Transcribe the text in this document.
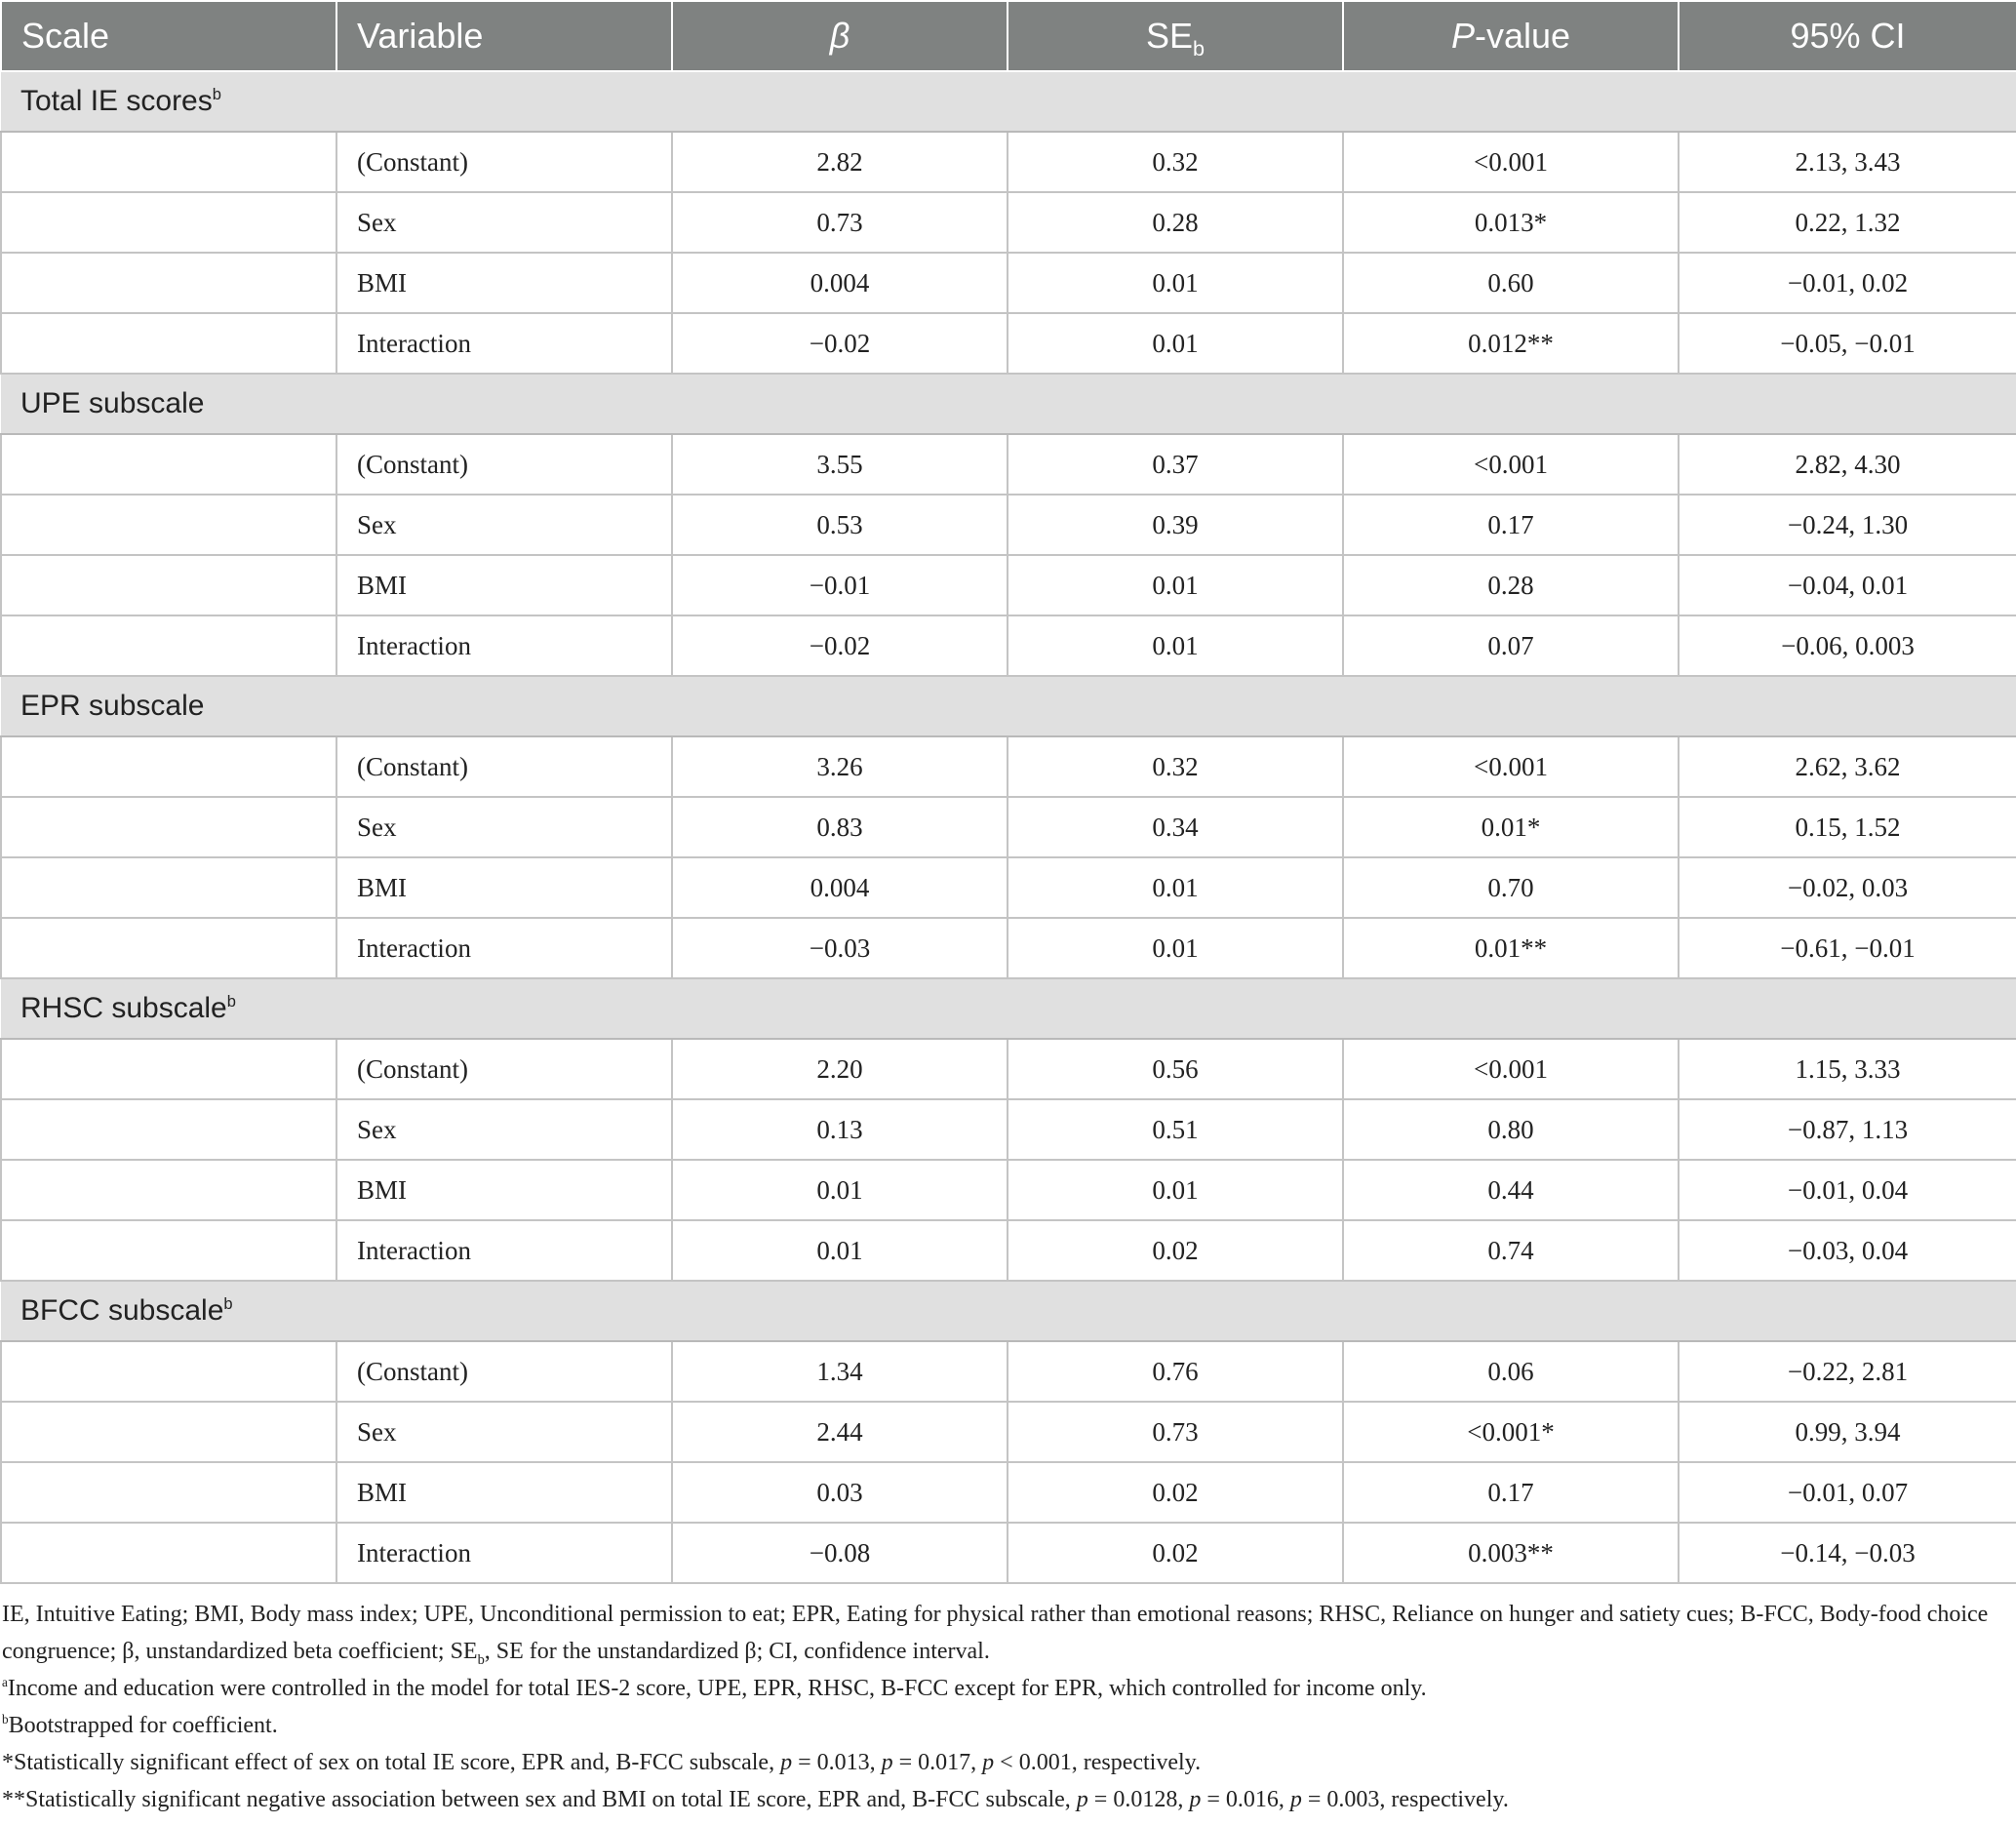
Scale	Variable	β	$SE_b$	P-value	95% CI
Total IE scores$^b$
	(Constant)	2.82	0.32	<0.001	2.13, 3.43
	Sex	0.73	0.28	0.013*	0.22, 1.32
	BMI	0.004	0.01	0.60	−0.01, 0.02
	Interaction	−0.02	0.01	0.012**	−0.05, −0.01
UPE subscale					
	(Constant)	3.55	0.37	<0.001	2.82, 4.30
	Sex	0.53	0.39	0.17	−0.24, 1.30
	BMI	−0.01	0.01	0.28	−0.04, 0.01
	Interaction	−0.02	0.01	0.07	−0.06, 0.003
EPR subscale					
	(Constant)	3.26	0.32	<0.001	2.62, 3.62
	Sex	0.83	0.34	0.01*	0.15, 1.52
	BMI	0.004	0.01	0.70	−0.02, 0.03
	Interaction	−0.03	0.01	0.01**	−0.61, −0.01
RHSC subscale$^b$
	(Constant)	2.20	0.56	<0.001	1.15, 3.33
	Sex	0.13	0.51	0.80	−0.87, 1.13
	BMI	0.01	0.01	0.44	−0.01, 0.04
	Interaction	0.01	0.02	0.74	−0.03, 0.04
BFCC subscale$^b$
	(Constant)	1.34	0.76	0.06	−0.22, 2.81
	Sex	2.44	0.73	<0.001*	0.99, 3.94
	BMI	0.03	0.02	0.17	−0.01, 0.07
	Interaction	−0.08	0.02	0.003**	−0.14, −0.03

IE, Intuitive Eating; BMI, Body mass index; UPE, Unconditional permission to eat; EPR, Eating for physical rather than emotional reasons; RHSC, Reliance on hunger and satiety cues; B-FCC, Body-food choice congruence; β, unstandardized beta coefficient; $SE_b$, SE for the unstandardized β; CI, confidence interval.

$^a$Income and education were controlled in the model for total IES-2 score, UPE, EPR, RHSC, B-FCC except for EPR, which controlled for income only.

$^b$Bootstrapped for coefficient.

*Statistically significant effect of sex on total IE score, EPR and, B-FCC subscale, p = 0.013, p = 0.017, p < 0.001, respectively.

**Statistically significant negative association between sex and BMI on total IE score, EPR and, B-FCC subscale, p = 0.0128, p = 0.016, p = 0.003, respectively.
